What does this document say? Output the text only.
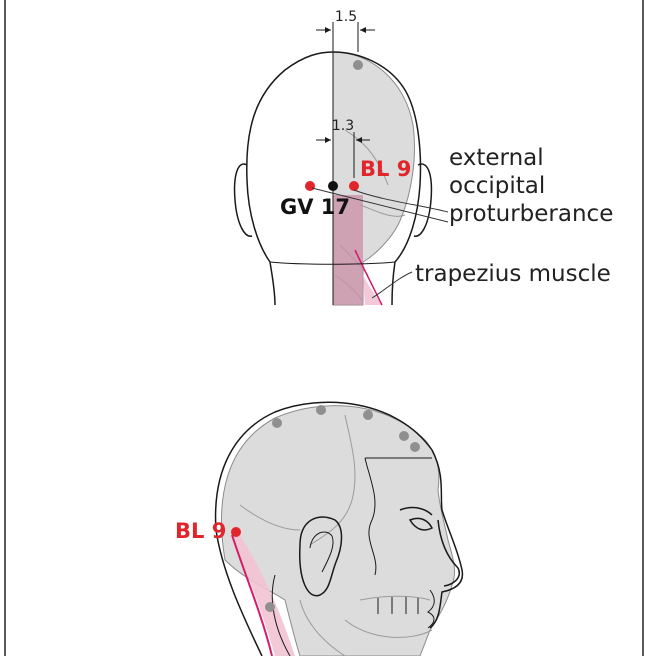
1.5
1.3
BL 9
GV 17
external
occipital
proturberance
trapezius muscle
BL 9
